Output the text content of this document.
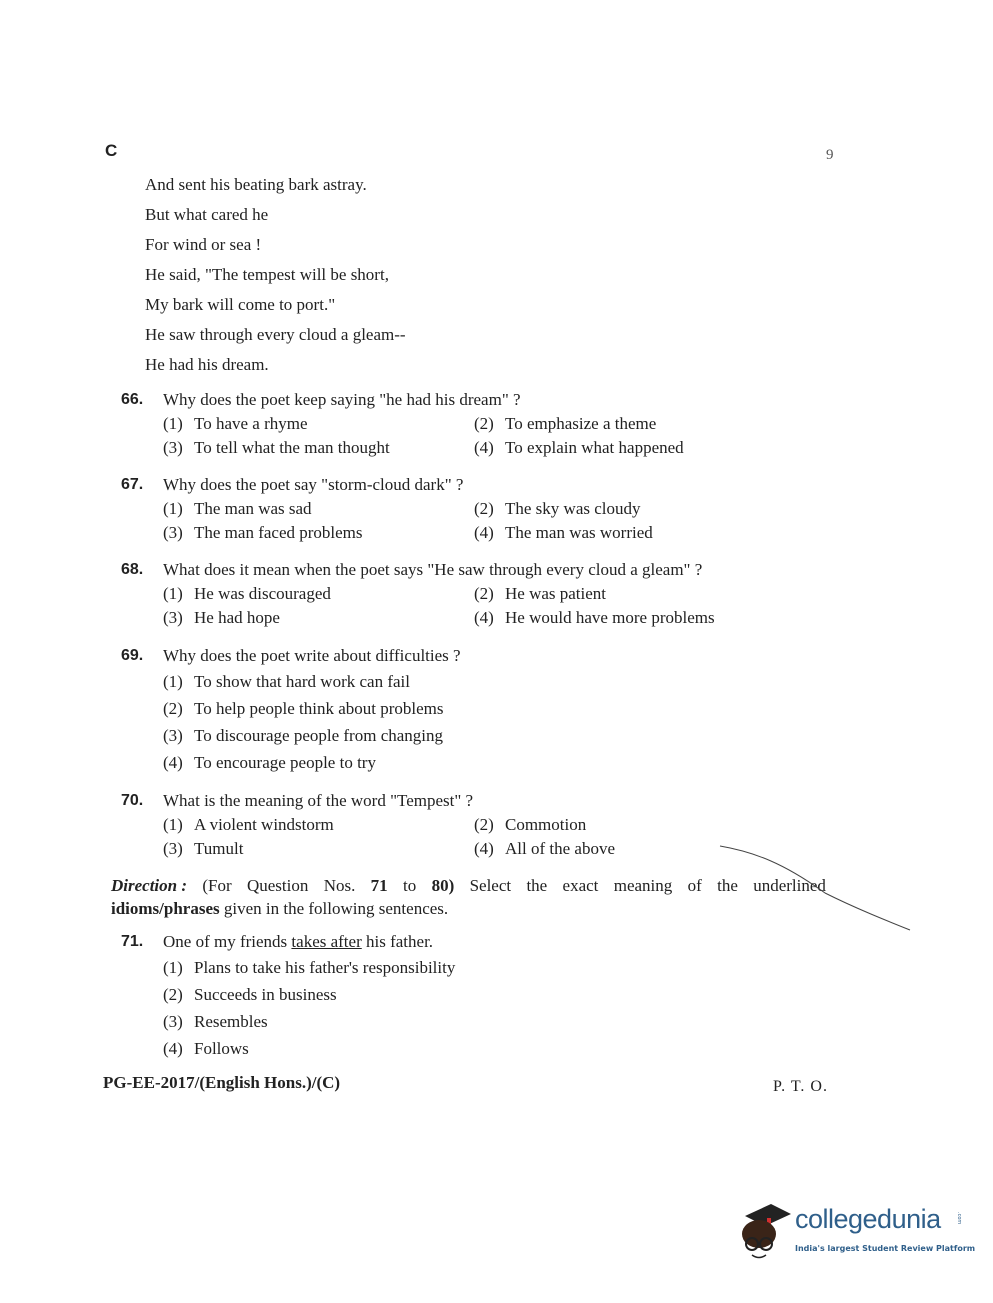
C	9
And sent his beating bark astray.
But what cared he
For wind or sea !
He said, "The tempest will be short,
My bark will come to port."
He saw through every cloud a gleam--
He had his dream.
66.	Why does the poet keep saying "he had his dream" ?
(1) To have a rhyme	(2) To emphasize a theme
(3) To tell what the man thought	(4) To explain what happened
67.	Why does the poet say "storm-cloud dark" ?
(1) The man was sad	(2) The sky was cloudy
(3) The man faced problems	(4) The man was worried
68.	What does it mean when the poet says "He saw through every cloud a gleam" ?
(1) He was discouraged	(2) He was patient
(3) He had hope	(4) He would have more problems
69.	Why does the poet write about difficulties ?
(1) To show that hard work can fail
(2) To help people think about problems
(3) To discourage people from changing
(4) To encourage people to try
70.	What is the meaning of the word "Tempest" ?
(1) A violent windstorm	(2) Commotion
(3) Tumult	(4) All of the above
Direction : (For Question Nos. 71 to 80) Select the exact meaning of the underlined
idioms/phrases given in the following sentences.
71.	One of my friends takes after his father.
(1) Plans to take his father's responsibility
(2) Succeeds in business
(3) Resembles
(4) Follows
PG-EE-2017/(English Hons.)/(C)	P. T. O.
collegedunia	.com
India's largest Student Review Platform
